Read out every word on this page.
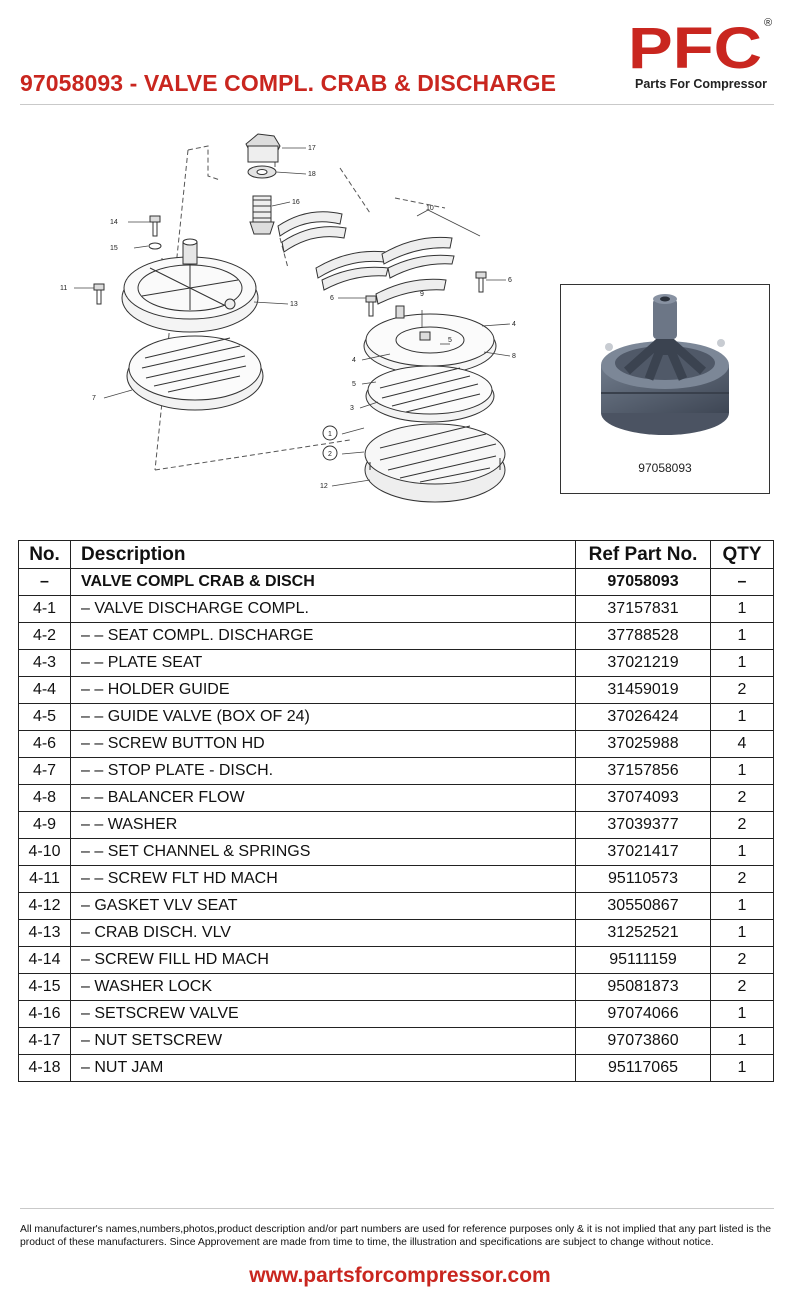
97058093 - VALVE COMPL. CRAB & DISCHARGE
PFC ®
Parts For Compressor
17
18
16
10
14
15
11
13
7
6
6
9
4
8
5
4
5
3
1
2
12
97058093
No.	Description	Ref Part No.	QTY
–	VALVE COMPL CRAB & DISCH	97058093	–
4-1	– VALVE DISCHARGE COMPL.	37157831	1
4-2	– – SEAT COMPL. DISCHARGE	37788528	1
4-3	– – PLATE SEAT	37021219	1
4-4	– – HOLDER GUIDE	31459019	2
4-5	– – GUIDE VALVE (BOX OF 24)	37026424	1
4-6	– – SCREW BUTTON HD	37025988	4
4-7	– – STOP PLATE - DISCH.	37157856	1
4-8	– – BALANCER FLOW	37074093	2
4-9	– – WASHER	37039377	2
4-10	– – SET CHANNEL & SPRINGS	37021417	1
4-11	– – SCREW FLT HD MACH	95110573	2
4-12	– GASKET VLV SEAT	30550867	1
4-13	– CRAB DISCH. VLV	31252521	1
4-14	– SCREW FILL HD MACH	95111159	2
4-15	– WASHER LOCK	95081873	2
4-16	– SETSCREW VALVE	97074066	1
4-17	– NUT SETSCREW	97073860	1
4-18	– NUT JAM	95117065	1
All manufacturer's names,numbers,photos,product description and/or part numbers are used for reference purposes only & it is not implied that any part listed is the product of these manufacturers. Since Approvement are made from time to time, the illustration and specifications are subject to change without notice.
www.partsforcompressor.com
